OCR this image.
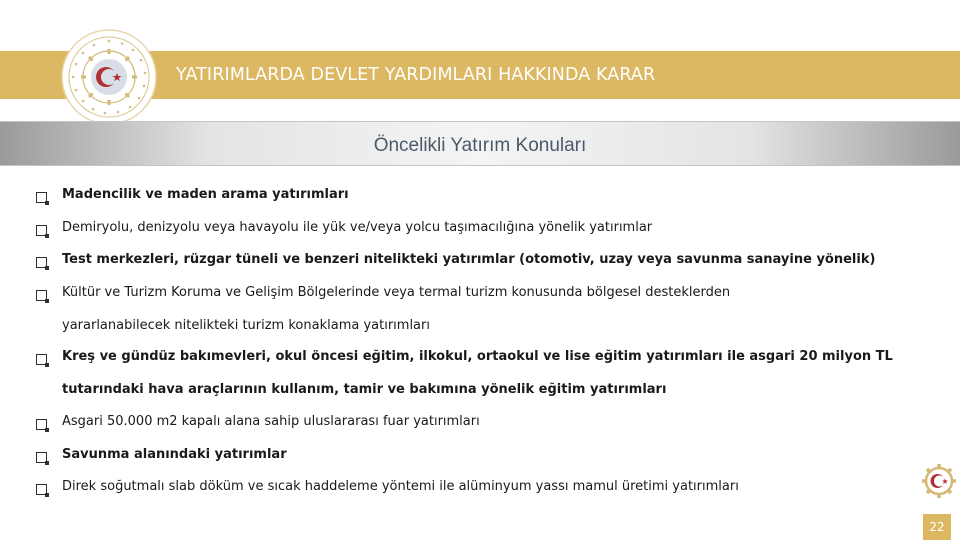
YATIRIMLARDA DEVLET YARDIMLARI HAKKINDA KARAR
Öncelikli Yatırım Konuları
Madencilik ve maden arama yatırımları
Demiryolu, denizyolu veya havayolu ile yük ve/veya yolcu taşımacılığına yönelik yatırımlar
Test merkezleri, rüzgar tüneli ve benzeri nitelikteki yatırımlar (otomotiv, uzay veya savunma sanayine yönelik)
Kültür ve Turizm Koruma ve Gelişim Bölgelerinde veya termal turizm konusunda bölgesel desteklerden
yararlanabilecek nitelikteki turizm konaklama yatırımları
Kreş ve gündüz bakımevleri, okul öncesi eğitim, ilkokul, ortaokul ve lise eğitim yatırımları ile asgari 20 milyon TL
tutarındaki hava araçlarının kullanım, tamir ve bakımına yönelik eğitim yatırımları
Asgari 50.000 m2 kapalı alana sahip uluslararası fuar yatırımları
Savunma alanındaki yatırımlar
Direk soğutmalı slab döküm ve sıcak haddeleme yöntemi ile alüminyum yassı mamul üretimi yatırımları
22
